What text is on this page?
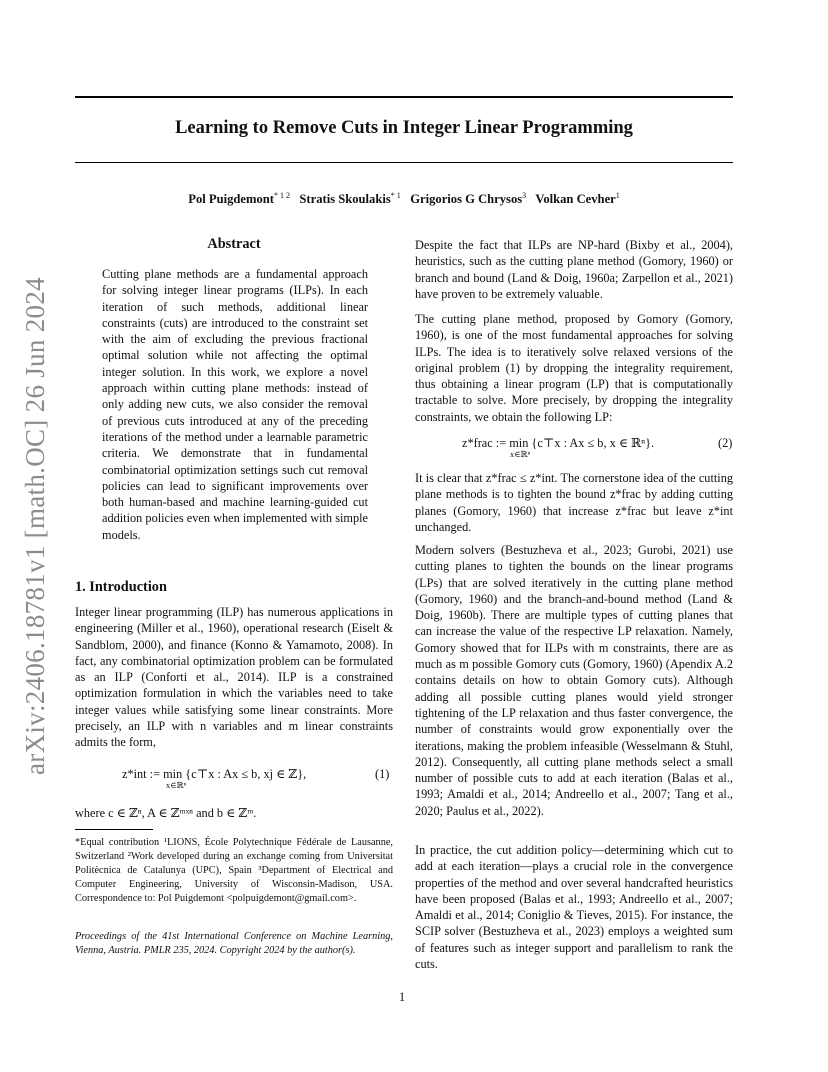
arXiv:2406.18781v1 [math.OC] 26 Jun 2024
Learning to Remove Cuts in Integer Linear Programming
Pol Puigdemont$^{* 1 2}$ Stratis Skoulakis$^{* 1}$ Grigorios G Chrysos$^3$ Volkan Cevher$^1$
Abstract
Cutting plane methods are a fundamental approach for solving integer linear programs (ILPs). In each iteration of such methods, additional linear constraints (cuts) are introduced to the constraint set with the aim of excluding the previous fractional optimal solution while not affecting the optimal integer solution. In this work, we explore a novel approach within cutting plane methods: instead of only adding new cuts, we also consider the removal of previous cuts introduced at any of the preceding iterations of the method under a learnable parametric criteria. We demonstrate that in fundamental combinatorial optimization settings such cut removal policies can lead to significant improvements over both human-based and machine learning-guided cut addition policies even when implemented with simple models.
1. Introduction
Integer linear programming (ILP) has numerous applications in engineering (Miller et al., 1960), operational research (Eiselt & Sandblom, 2000), and finance (Konno & Yamamoto, 2008). In fact, any combinatorial optimization problem can be formulated as an ILP (Conforti et al., 2014). ILP is a constrained optimization formulation in which the variables need to take integer values while satisfying some linear constraints. More precisely, an ILP with n variables and m linear constraints admits the form,
z*int := min {c⊤x : Ax ≤ b, xj ∈ ℤ},
x∈ℝⁿ
(1)
where c ∈ ℤⁿ, A ∈ ℤᵐˣⁿ and b ∈ ℤᵐ.
*Equal contribution ¹LIONS, École Polytechnique Fédérale de Lausanne, Switzerland ²Work developed during an exchange coming from Universitat Politècnica de Catalunya (UPC), Spain ³Department of Electrical and Computer Engineering, University of Wisconsin-Madison, USA. Correspondence to: Pol Puigdemont <polpuigdemont@gmail.com>.
Proceedings of the 41st International Conference on Machine Learning, Vienna, Austria. PMLR 235, 2024. Copyright 2024 by the author(s).
Despite the fact that ILPs are NP-hard (Bixby et al., 2004), heuristics, such as the cutting plane method (Gomory, 1960) or branch and bound (Land & Doig, 1960a; Zarpellon et al., 2021) have proven to be extremely valuable.
The cutting plane method, proposed by Gomory (Gomory, 1960), is one of the most fundamental approaches for solving ILPs. The idea is to iteratively solve relaxed versions of the original problem (1) by dropping the integrality requirement, thus obtaining a linear program (LP) that is computationally tractable to solve. More precisely, by dropping the integrality constraints, we obtain the following LP:
z*frac := min {c⊤x : Ax ≤ b, x ∈ ℝⁿ}.
x∈ℝⁿ
(2)
It is clear that z*frac ≤ z*int. The cornerstone idea of the cutting plane methods is to tighten the bound z*frac by adding cutting planes (Gomory, 1960) that increase z*frac but leave z*int unchanged.
Modern solvers (Bestuzheva et al., 2023; Gurobi, 2021) use cutting planes to tighten the bounds on the linear programs (LPs) that are solved iteratively in the cutting plane method (Gomory, 1960) and the branch-and-bound method (Land & Doig, 1960b). There are multiple types of cutting planes that can increase the value of the respective LP relaxation. Namely, Gomory showed that for ILPs with m constraints, there are as much as m possible Gomory cuts (Gomory, 1960) (Apendix A.2 contains details on how to obtain Gomory cuts). Although adding all possible cutting planes would yield stronger tightening of the LP relaxation and thus faster convergence, the number of constraints would grow exponentially over the iterations, making the problem infeasible (Wesselmann & Stuhl, 2012). Consequently, all cutting plane methods select a small number of possible cuts to add at each iteration (Balas et al., 1993; Amaldi et al., 2014; Andreello et al., 2007; Tang et al., 2020; Paulus et al., 2022).
In practice, the cut addition policy—determining which cut to add at each iteration—plays a crucial role in the convergence properties of the method and over several handcrafted heuristics have been proposed (Balas et al., 1993; Andreello et al., 2007; Amaldi et al., 2014; Coniglio & Tieves, 2015). For instance, the SCIP solver (Bestuzheva et al., 2023) employs a weighted sum of features such as integer support and parallelism to rank the cuts.
1
